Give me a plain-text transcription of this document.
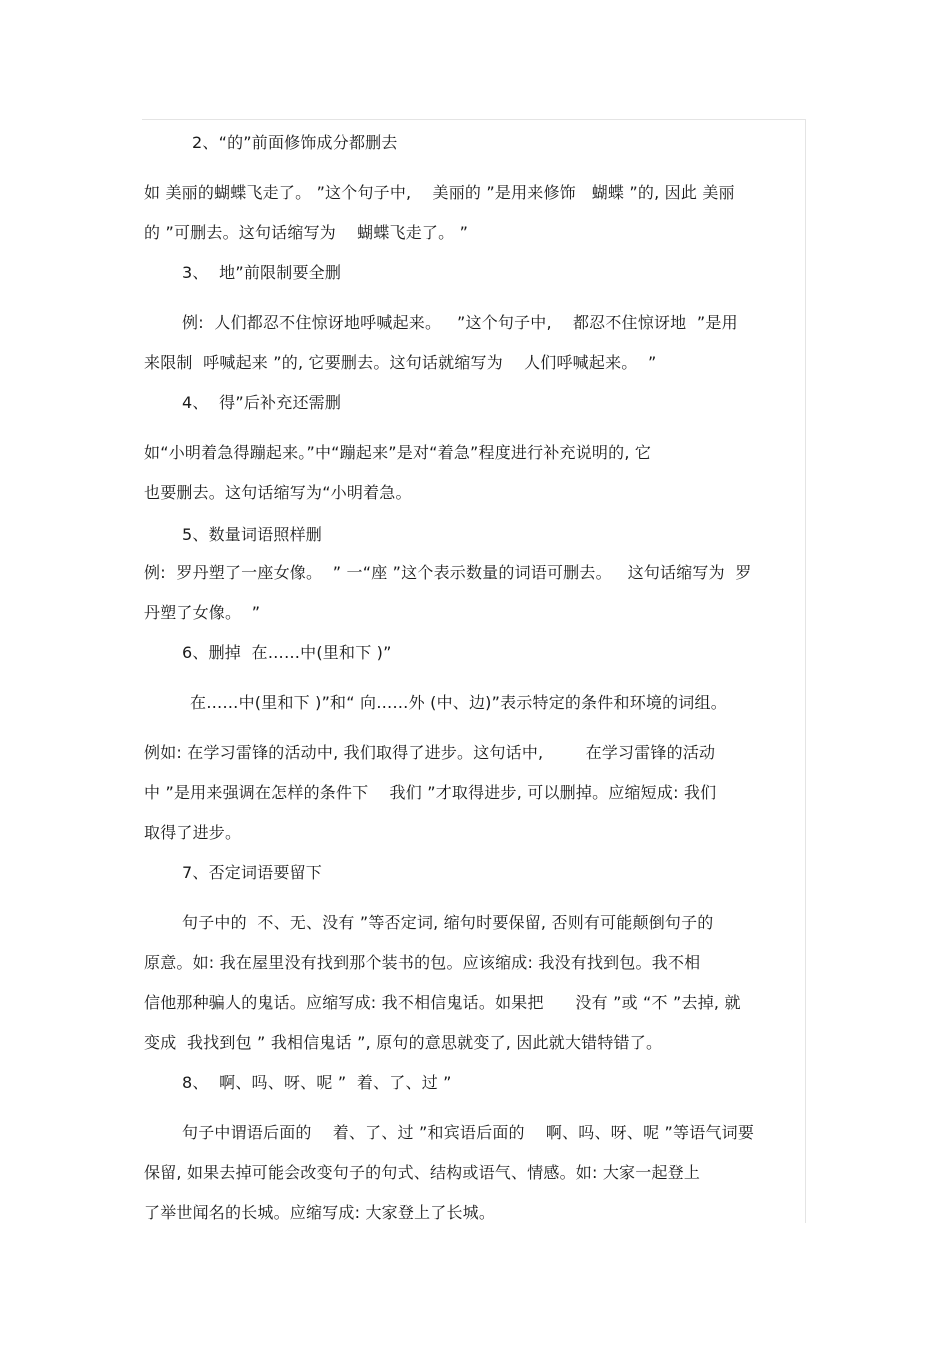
2、“的”前面修饰成分都删去
如 美丽的蝴蝶飞走了。 ”这个句子中,    美丽的 ”是用来修饰   蝴蝶 ”的, 因此 美丽
的 ”可删去。这句话缩写为    蝴蝶飞走了。 ”
3、  地”前限制要全删
例:  人们都忍不住惊讶地呼喊起来。   ”这个句子中,    都忍不住惊讶地  ”是用
来限制  呼喊起来 ”的, 它要删去。这句话就缩写为    人们呼喊起来。  ”
4、  得”后补充还需删
如“小明着急得蹦起来。”中“蹦起来”是对“着急”程度进行补充说明的, 它
也要删去。这句话缩写为“小明着急。
5、数量词语照样删
例:  罗丹塑了一座女像。  ” 一“座 ”这个表示数量的词语可删去。   这句话缩写为  罗
丹塑了女像。  ”
6、删掉  在……中(里和下 )”
在……中(里和下 )”和“ 向……外 (中、边)”表示特定的条件和环境的词组。
例如: 在学习雷锋的活动中, 我们取得了进步。这句话中,        在学习雷锋的活动
中 ”是用来强调在怎样的条件下    我们 ”才取得进步, 可以删掉。应缩短成: 我们
取得了进步。
7、否定词语要留下
句子中的  不、无、没有 ”等否定词, 缩句时要保留, 否则有可能颠倒句子的
原意。如: 我在屋里没有找到那个装书的包。应该缩成: 我没有找到包。我不相
信他那种骗人的鬼话。应缩写成: 我不相信鬼话。如果把      没有 ”或 “不 ”去掉, 就
变成  我找到包 ” 我相信鬼话 ”, 原句的意思就变了, 因此就大错特错了。
8、  啊、吗、呀、呢 ”  着、了、过 ”
句子中谓语后面的    着、了、过 ”和宾语后面的    啊、吗、呀、呢 ”等语气词要
保留, 如果去掉可能会改变句子的句式、结构或语气、情感。如: 大家一起登上
了举世闻名的长城。应缩写成: 大家登上了长城。
